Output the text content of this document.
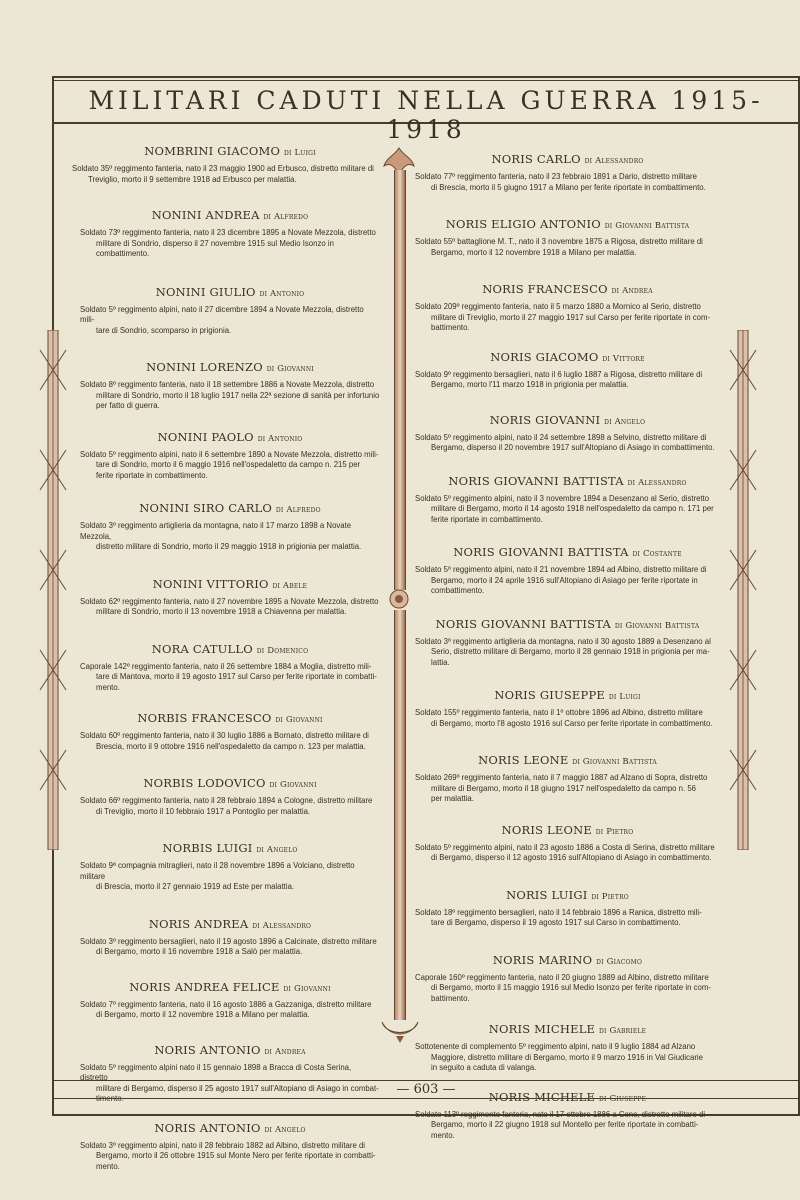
MILITARI CADUTI NELLA GUERRA 1915-1918
NOMBRINI GIACOMO di Luigi
Soldato 35º reggimento fanteria, nato il 23 maggio 1900 ad Erbusco, distretto militare di
Treviglio, morto il 9 settembre 1918 ad Erbusco per malattia.
NONINI ANDREA di Alfredo
Soldato 73º reggimento fanteria, nato il 23 dicembre 1895 a Novate Mezzola, distretto
militare di Sondrio, disperso il 27 novembre 1915 sul Medio Isonzo in combattimento.
NONINI GIULIO di Antonio
Soldato 5º reggimento alpini, nato il 27 dicembre 1894 a Novate Mezzola, distretto mili-
tare di Sondrio, scomparso in prigionia.
NONINI LORENZO di Giovanni
Soldato 8º reggimento fanteria, nato il 18 settembre 1886 a Novate Mezzola, distretto
militare di Sondrio, morto il 18 luglio 1917 nella 22ª sezione di sanità per infortunio
per fatto di guerra.
NONINI PAOLO di Antonio
Soldato 5º reggimento alpini, nato il 6 settembre 1890 a Novate Mezzola, distretto mili-
tare di Sondrio, morto il 6 maggio 1916 nell'ospedaletto da campo n. 215 per
ferite riportate in combattimento.
NONINI SIRO CARLO di Alfredo
Soldato 3º reggimento artiglieria da montagna, nato il 17 marzo 1898 a Novate Mezzola,
distretto militare di Sondrio, morto il 29 maggio 1918 in prigionia per malattia.
NONINI VITTORIO di Abele
Soldato 62º reggimento fanteria, nato il 27 novembre 1895 a Novate Mezzola, distretto
militare di Sondrio, morto il 13 novembre 1918 a Chiavenna per malattia.
NORA CATULLO di Domenico
Caporale 142º reggimento fanteria, nato il 26 settembre 1884 a Moglia, distretto mili-
tare di Mantova, morto il 19 agosto 1917 sul Carso per ferite riportate in combatti-
mento.
NORBIS FRANCESCO di Giovanni
Soldato 60º reggimento fanteria, nato il 30 luglio 1886 a Bornato, distretto militare di
Brescia, morto il 9 ottobre 1916 nell'ospedaletto da campo n. 123 per malattia.
NORBIS LODOVICO di Giovanni
Soldato 66º reggimento fanteria, nato il 28 febbraio 1894 a Cologne, distretto militare
di Treviglio, morto il 10 febbraio 1917 a Pontoglio per malattia.
NORBIS LUIGI di Angelo
Soldato 9ª compagnia mitraglieri, nato il 28 novembre 1896 a Volciano, distretto militare
di Brescia, morto il 27 gennaio 1919 ad Este per malattia.
NORIS ANDREA di Alessandro
Soldato 3º reggimento bersaglieri, nato il 19 agosto 1896 a Calcinate, distretto militare
di Bergamo, morto il 16 novembre 1918 a Salò per malattia.
NORIS ANDREA FELICE di Giovanni
Soldato 7º reggimento fanteria, nato il 16 agosto 1886 a Gazzaniga, distretto militare
di Bergamo, morto il 12 novembre 1918 a Milano per malattia.
NORIS ANTONIO di Andrea
Soldato 5º reggimento alpini nato il 15 gennaio 1898 a Bracca di Costa Serina, distretto
militare di Bergamo, disperso il 25 agosto 1917 sull'Altopiano di Asiago in combat-
timento.
NORIS ANTONIO di Angelo
Soldato 3º reggimento alpini, nato il 28 febbraio 1882 ad Albino, distretto militare di
Bergamo, morto il 26 ottobre 1915 sul Monte Nero per ferite riportate in combatti-
mento.
NORIS CARLO di Alessandro
Soldato 77º reggimento fanteria, nato il 23 febbraio 1891 a Dario, distretto militare
di Brescia, morto il 5 giugno 1917 a Milano per ferite riportate in combattimento.
NORIS ELIGIO ANTONIO di Giovanni Battista
Soldato 55º battaglione M. T., nato il 3 novembre 1875 a Rigosa, distretto militare di
Bergamo, morto il 12 novembre 1918 a Milano per malattia.
NORIS FRANCESCO di Andrea
Soldato 209º reggimento fanteria, nato il 5 marzo 1880 a Mornico al Serio, distretto
militare di Treviglio, morto il 27 maggio 1917 sul Carso per ferite riportate in com-
battimento.
NORIS GIACOMO di Vittore
Soldato 9º reggimento bersaglieri, nato il 6 luglio 1887 a Rigosa, distretto militare di
Bergamo, morto l'11 marzo 1918 in prigionia per malattia.
NORIS GIOVANNI di Angelo
Soldato 5º reggimento alpini, nato il 24 settembre 1898 a Selvino, distretto militare di
Bergamo, disperso il 20 novembre 1917 sull'Altopiano di Asiago in combattimento.
NORIS GIOVANNI BATTISTA di Alessandro
Soldato 5º reggimento alpini, nato il 3 novembre 1894 a Desenzano al Serio, distretto
militare di Bergamo, morto il 14 agosto 1918 nell'ospedaletto da campo n. 171 per
ferite riportate in combattimento.
NORIS GIOVANNI BATTISTA di Costante
Soldato 5º reggimento alpini, nato il 21 novembre 1894 ad Albino, distretto militare di
Bergamo, morto il 24 aprile 1916 sull'Altopiano di Asiago per ferite riportate in
combattimento.
NORIS GIOVANNI BATTISTA di Giovanni Battista
Soldato 3º reggimento artiglieria da montagna, nato il 30 agosto 1889 a Desenzano al
Serio, distretto militare di Bergamo, morto il 28 gennaio 1918 in prigionia per ma-
lattia.
NORIS GIUSEPPE di Luigi
Soldato 155º reggimento fanteria, nato il 1º ottobre 1896 ad Albino, distretto militare
di Bergamo, morto l'8 agosto 1916 sul Carso per ferite riportate in combattimento.
NORIS LEONE di Giovanni Battista
Soldato 269º reggimento fanteria, nato il 7 maggio 1887 ad Alzano di Sopra, distretto
militare di Bergamo, morto il 18 giugno 1917 nell'ospedaletto da campo n. 56
per malattia.
NORIS LEONE di Pietro
Soldato 5º reggimento alpini, nato il 23 agosto 1886 a Costa di Serina, distretto militare
di Bergamo, disperso il 12 agosto 1916 sull'Altopiano di Asiago in combattimento.
NORIS LUIGI di Pietro
Soldato 18º reggimento bersaglieri, nato il 14 febbraio 1896 a Ranica, distretto mili-
tare di Bergamo, disperso il 19 agosto 1917 sul Carso in combattimento.
NORIS MARINO di Giacomo
Caporale 160º reggimento fanteria, nato il 20 giugno 1889 ad Albino, distretto militare
di Bergamo, morto il 15 maggio 1916 sul Medio Isonzo per ferite riportate in com-
battimento.
NORIS MICHELE di Gabriele
Sottotenente di complemento 5º reggimento alpini, nato il 9 luglio 1884 ad Alzano
Maggiore, distretto militare di Bergamo, morto il 9 marzo 1916 in Val Giudicarie
in seguito a caduta di valanga.
NORIS MICHELE di Giuseppe
Soldato 113º reggimento fanteria, nato il 17 ottobre 1886 a Cene, distretto militare di
Bergamo, morto il 22 giugno 1918 sul Montello per ferite riportate in combatti-
mento.
— 603 —
